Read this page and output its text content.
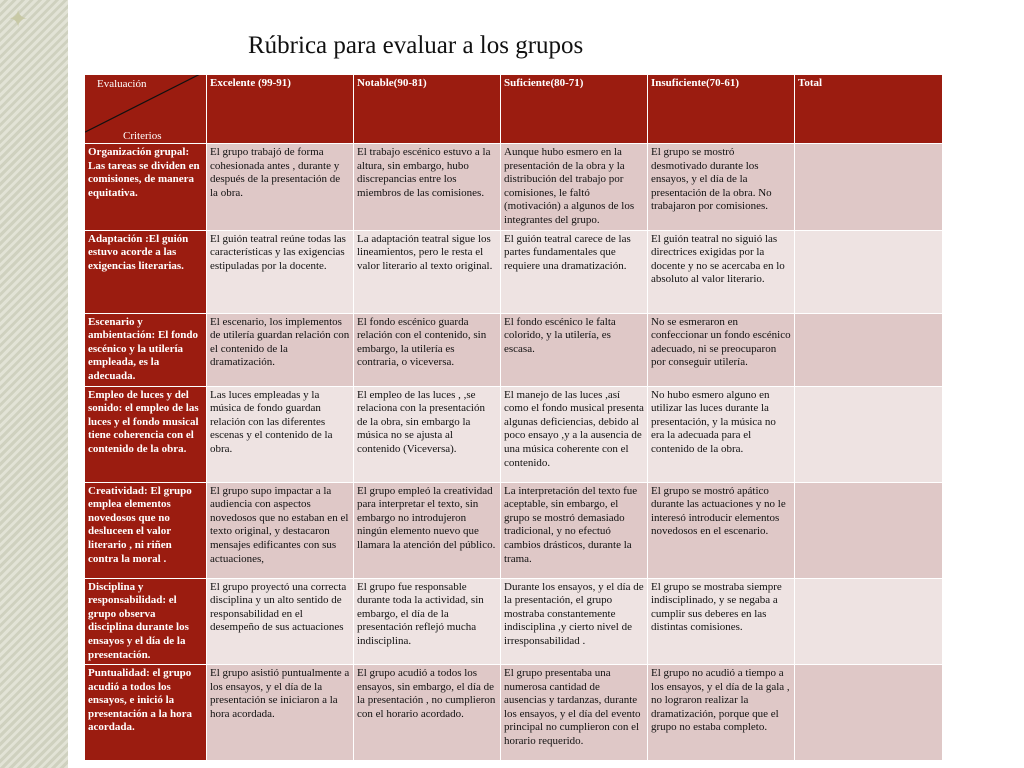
✦
Rúbrica para evaluar a los grupos
Evaluación
Criterios	Excelente (99-91)	Notable(90-81)	Suficiente(80-71)	Insuficiente(70-61)	Total
Organización grupal: Las tareas se dividen en comisiones, de manera equitativa.	El grupo trabajó de forma cohesionada antes , durante y después de la presentación de la obra.	El trabajo escénico estuvo a la altura, sin embargo, hubo discrepancias entre los miembros de las comisiones.	Aunque hubo esmero en la presentación de la obra y la distribución del trabajo por comisiones, le faltó (motivación) a algunos de los integrantes del grupo.	El grupo se mostró desmotivado durante los ensayos, y el día de la presentación de la obra. No trabajaron por comisiones.	
Adaptación :El guión estuvo acorde a las exigencias literarias.	El guión teatral reúne todas las características y las exigencias estipuladas por la docente.	La adaptación teatral sigue los lineamientos, pero le resta el valor literario al texto original.	El guión teatral carece de las partes fundamentales que requiere una dramatización.	El guión teatral no siguió las directrices exigidas por la docente y no se acercaba en lo absoluto al valor literario.	
Escenario y ambientación: El fondo escénico y la utilería empleada, es la adecuada.	El escenario, los implementos de utilería guardan relación con el contenido de la dramatización.	El fondo escénico guarda relación con el contenido, sin embargo, la utilería es contraria, o viceversa.	El fondo escénico le falta colorido, y la utilería, es escasa.	No se esmeraron en confeccionar un fondo escénico adecuado, ni se preocuparon por conseguir utilería.	
Empleo de luces y del sonido: el empleo de las luces y el fondo musical tiene coherencia con el contenido de la obra.	Las luces empleadas y la música de fondo guardan relación con las diferentes escenas y el contenido de la obra.	El empleo de las luces , ,se relaciona con la presentación de la obra, sin embargo la música no se ajusta al contenido (Viceversa).	El manejo de las luces ,así como el fondo musical presenta algunas deficiencias, debido al poco ensayo ,y a la ausencia de una música coherente con el contenido.	No hubo esmero alguno en utilizar las luces durante la presentación, y la música no era la adecuada para el contenido de la obra.	
Creatividad: El grupo emplea elementos novedosos que no desluceen el valor literario , ni riñen contra la moral .	El grupo supo impactar a la audiencia con aspectos novedosos que no estaban en el texto original, y destacaron mensajes edificantes con sus actuaciones,	El grupo empleó la creatividad para interpretar el texto, sin embargo no introdujeron ningún elemento nuevo que llamara la atención del público.	La interpretación del texto fue aceptable, sin embargo, el grupo se mostró demasiado tradicional, y no efectuó cambios drásticos, durante la trama.	El grupo se mostró apático durante las actuaciones y no le interesó introducir elementos novedosos en el escenario.	
Disciplina y responsabilidad: el grupo observa disciplina durante los ensayos y el día de la presentación.	El grupo proyectó una correcta disciplina y un alto sentido de responsabilidad en el desempeño de sus actuaciones	El grupo fue responsable durante toda la actividad, sin embargo, el día de la presentación reflejó mucha indisciplina.	Durante los ensayos, y el día de la presentación, el grupo mostraba constantemente indisciplina ,y cierto nivel de irresponsabilidad .	El grupo se mostraba siempre indisciplinado, y se negaba a cumplir sus deberes en las distintas comisiones.	
Puntualidad: el grupo acudió a todos los ensayos, e inició la presentación a la hora acordada.	El grupo asistió puntualmente a los ensayos, y el día de la presentación se iniciaron a la hora acordada.	El grupo acudió a todos los ensayos, sin embargo, el día de la presentación , no cumplieron con el horario acordado.	El grupo presentaba una numerosa cantidad de ausencias y tardanzas, durante los ensayos, y el día del evento principal no cumplieron con el horario requerido.	El grupo no acudió a tiempo a los ensayos, y el día de la gala , no lograron realizar la dramatización, porque que el grupo no estaba completo.	
